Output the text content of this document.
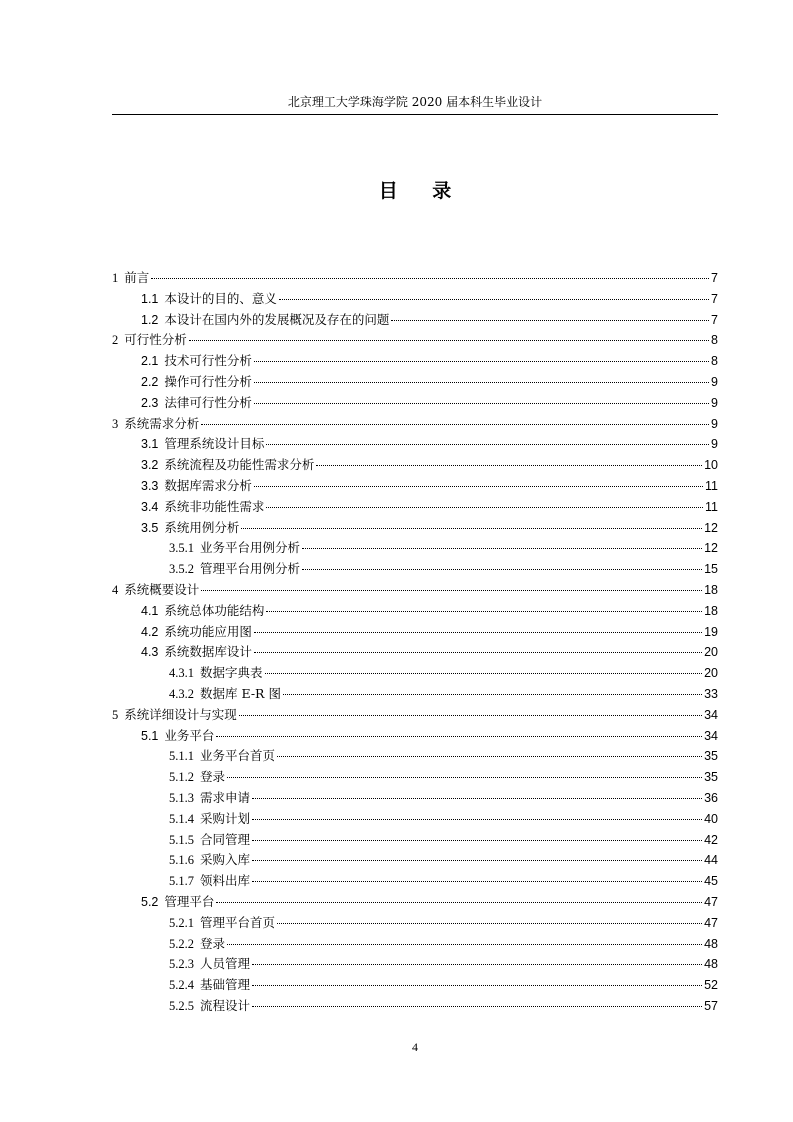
北京理工大学珠海学院 2020 届本科生毕业设计
目 录
1 前言	7
1.1 本设计的目的、意义	7
1.2 本设计在国内外的发展概况及存在的问题	7
2 可行性分析	8
2.1 技术可行性分析	8
2.2 操作可行性分析	9
2.3 法律可行性分析	9
3 系统需求分析	9
3.1 管理系统设计目标	9
3.2 系统流程及功能性需求分析	10
3.3 数据库需求分析	11
3.4 系统非功能性需求	11
3.5 系统用例分析	12
3.5.1 业务平台用例分析	12
3.5.2 管理平台用例分析	15
4 系统概要设计	18
4.1 系统总体功能结构	18
4.2 系统功能应用图	19
4.3 系统数据库设计	20
4.3.1 数据字典表	20
4.3.2 数据库 E-R 图	33
5 系统详细设计与实现	34
5.1 业务平台	34
5.1.1 业务平台首页	35
5.1.2 登录	35
5.1.3 需求申请	36
5.1.4 采购计划	40
5.1.5 合同管理	42
5.1.6 采购入库	44
5.1.7 领料出库	45
5.2 管理平台	47
5.2.1 管理平台首页	47
5.2.2 登录	48
5.2.3 人员管理	48
5.2.4 基础管理	52
5.2.5 流程设计	57
4
